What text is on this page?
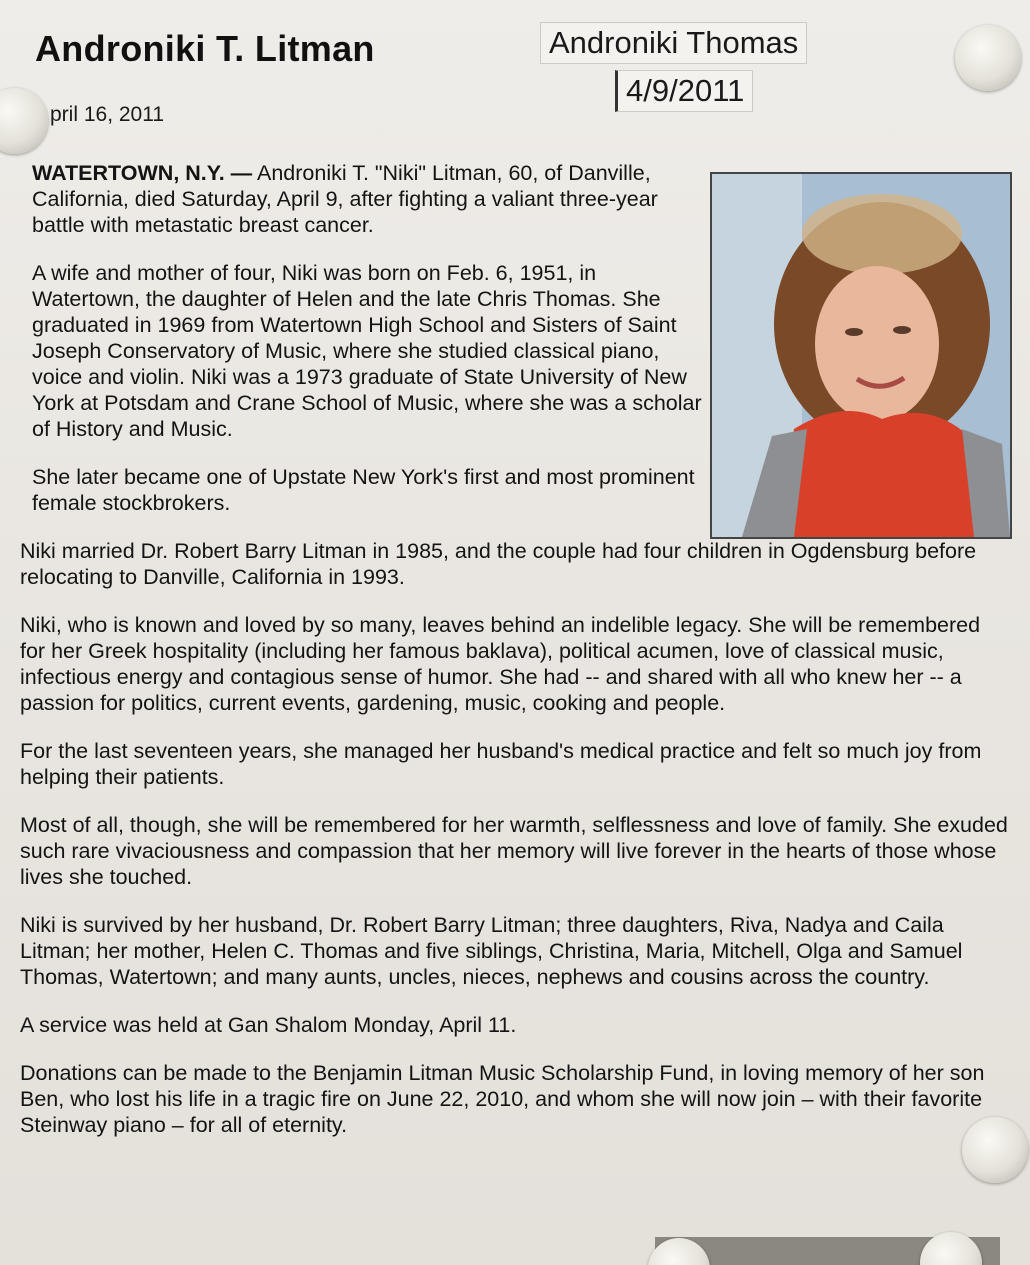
Androniki T. Litman
pril 16, 2011
Androniki Thomas
4/9/2011

WATERTOWN, N.Y. — Androniki T. "Niki" Litman, 60, of Danville, California, died Saturday, April 9, after fighting a valiant three-year battle with metastatic breast cancer.

A wife and mother of four, Niki was born on Feb. 6, 1951, in Watertown, the daughter of Helen and the late Chris Thomas. She graduated in 1969 from Watertown High School and Sisters of Saint Joseph Conservatory of Music, where she studied classical piano, voice and violin. Niki was a 1973 graduate of State University of New York at Potsdam and Crane School of Music, where she was a scholar of History and Music.

She later became one of Upstate New York's first and most prominent female stockbrokers.

Niki married Dr. Robert Barry Litman in 1985, and the couple had four children in Ogdensburg before relocating to Danville, California in 1993.

Niki, who is known and loved by so many, leaves behind an indelible legacy. She will be remembered for her Greek hospitality (including her famous baklava), political acumen, love of classical music, infectious energy and contagious sense of humor. She had -- and shared with all who knew her -- a passion for politics, current events, gardening, music, cooking and people.

For the last seventeen years, she managed her husband's medical practice and felt so much joy from helping their patients.

Most of all, though, she will be remembered for her warmth, selflessness and love of family. She exuded such rare vivaciousness and compassion that her memory will live forever in the hearts of those whose lives she touched.

Niki is survived by her husband, Dr. Robert Barry Litman; three daughters, Riva, Nadya and Caila Litman; her mother, Helen C. Thomas and five siblings, Christina, Maria, Mitchell, Olga and Samuel Thomas, Watertown; and many aunts, uncles, nieces, nephews and cousins across the country.

A service was held at Gan Shalom Monday, April 11.

Donations can be made to the Benjamin Litman Music Scholarship Fund, in loving memory of her son Ben, who lost his life in a tragic fire on June 22, 2010, and whom she will now join – with their favorite Steinway piano – for all of eternity.
